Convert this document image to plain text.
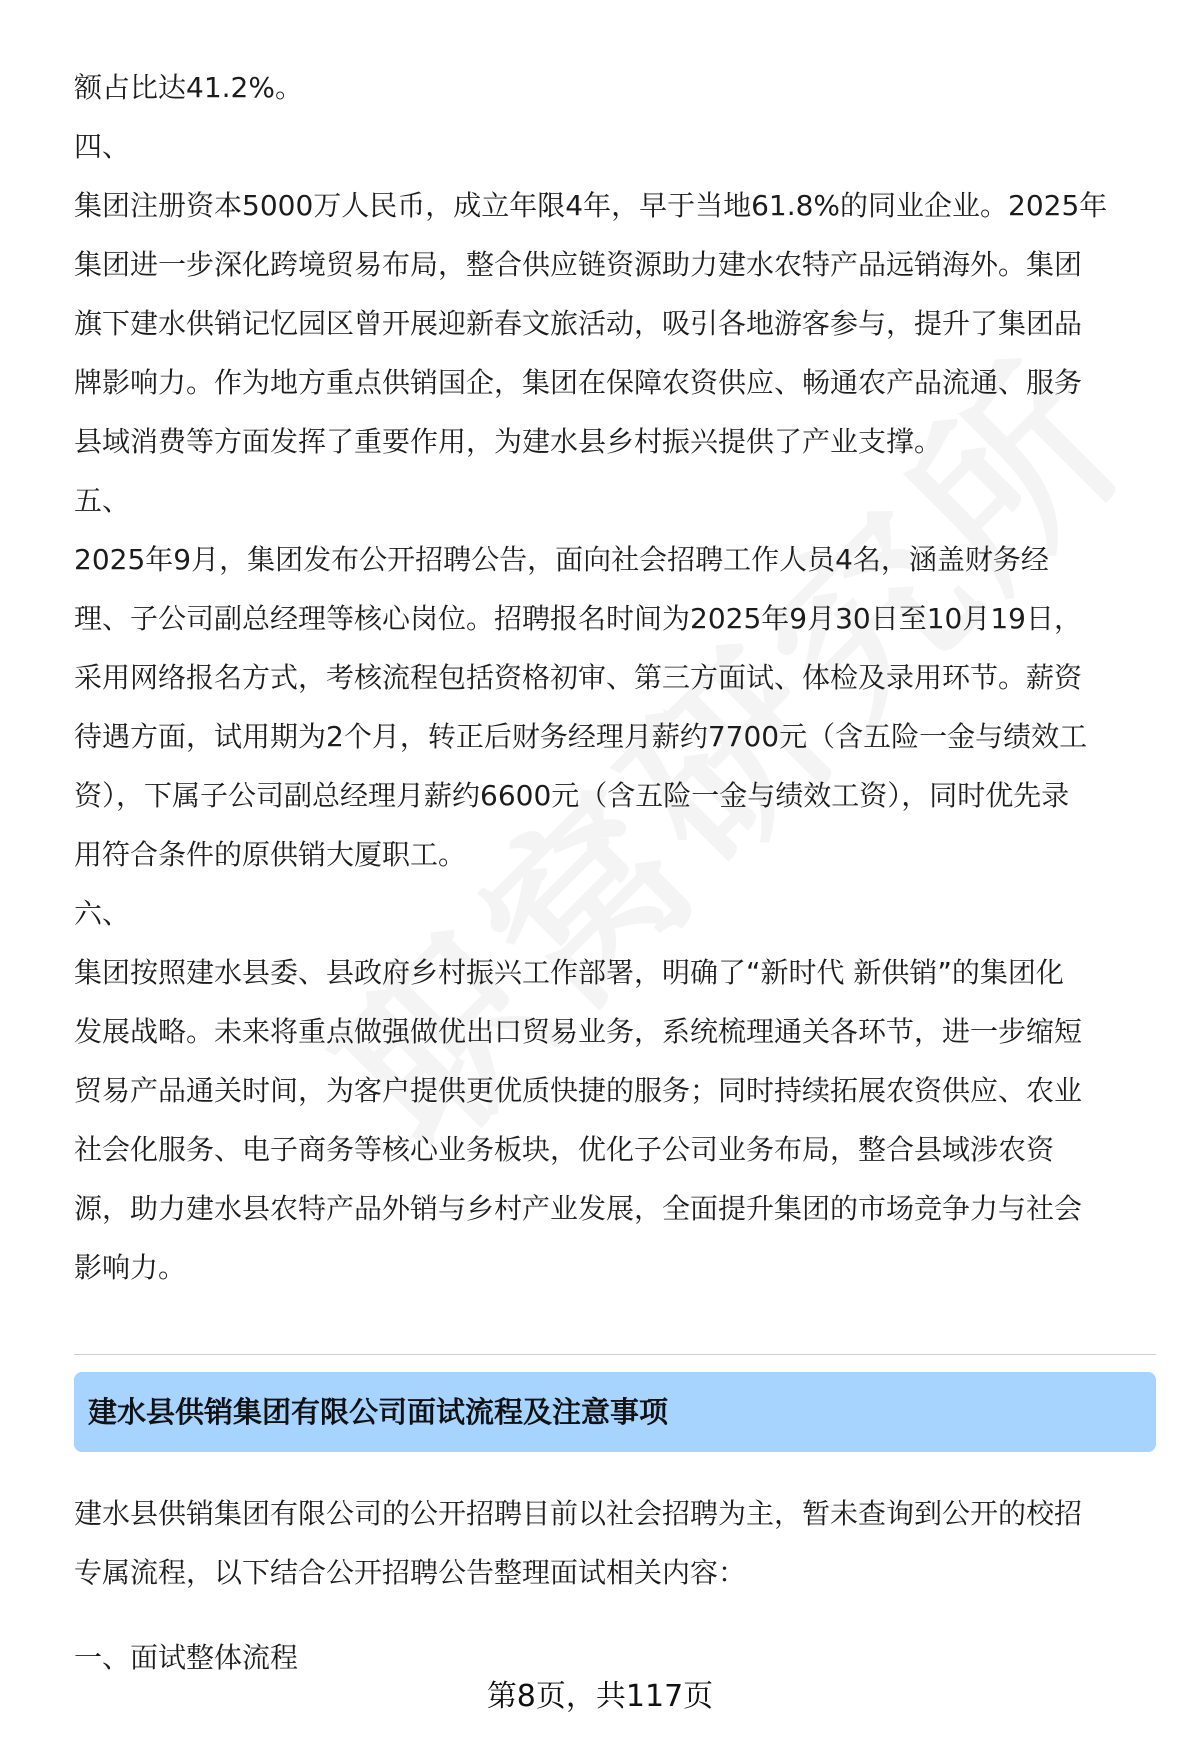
额占比达41.2%。
四、
集团注册资本5000万人民币，成立年限4年，早于当地61.8%的同业企业。2025年
集团进一步深化跨境贸易布局，整合供应链资源助力建水农特产品远销海外。集团
旗下建水供销记忆园区曾开展迎新春文旅活动，吸引各地游客参与，提升了集团品
牌影响力。作为地方重点供销国企，集团在保障农资供应、畅通农产品流通、服务
县域消费等方面发挥了重要作用，为建水县乡村振兴提供了产业支撑。
五、
2025年9月，集团发布公开招聘公告，面向社会招聘工作人员4名，涵盖财务经
理、子公司副总经理等核心岗位。招聘报名时间为2025年9月30日至10月19日，
采用网络报名方式，考核流程包括资格初审、第三方面试、体检及录用环节。薪资
待遇方面，试用期为2个月，转正后财务经理月薪约7700元（含五险一金与绩效工
资），下属子公司副总经理月薪约6600元（含五险一金与绩效工资），同时优先录
用符合条件的原供销大厦职工。
六、
集团按照建水县委、县政府乡村振兴工作部署，明确了“新时代 新供销”的集团化
发展战略。未来将重点做强做优出口贸易业务，系统梳理通关各环节，进一步缩短
贸易产品通关时间，为客户提供更优质快捷的服务；同时持续拓展农资供应、农业
社会化服务、电子商务等核心业务板块，优化子公司业务布局，整合县域涉农资
源，助力建水县农特产品外销与乡村产业发展，全面提升集团的市场竞争力与社会
影响力。
建水县供销集团有限公司面试流程及注意事项
建水县供销集团有限公司的公开招聘目前以社会招聘为主，暂未查询到公开的校招
专属流程，以下结合公开招聘公告整理面试相关内容：
一、面试整体流程
第8页，共117页
